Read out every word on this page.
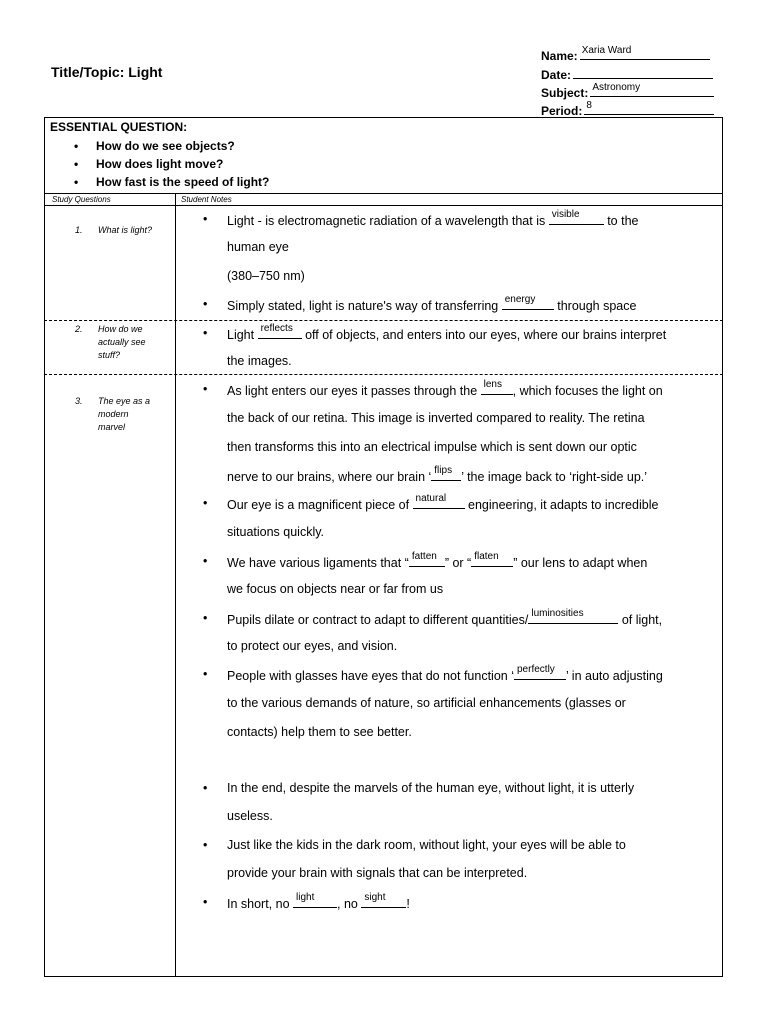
Title/Topic: Light
Name: Xaria Ward
Date:
Subject: Astronomy
Period: 8
ESSENTIAL QUESTION:
• How do we see objects?
• How does light move?
• How fast is the speed of light?
Study Questions	Student Notes
1. What is light?
2. How do we actually see stuff?
3. The eye as a modern marvel
• Light - is electromagnetic radiation of a wavelength that is visible to the
human eye
(380–750 nm)
• Simply stated, light is nature's way of transferring energy through space
• Light reflects off of objects, and enters into our eyes, where our brains interpret
the images.
• As light enters our eyes it passes through the lens , which focuses the light on
the back of our retina. This image is inverted compared to reality. The retina
then transforms this into an electrical impulse which is sent down our optic
nerve to our brains, where our brain ‘ flips ’ the image back to ‘right-side up.’
• Our eye is a magnificent piece of natural engineering, it adapts to incredible
situations quickly.
• We have various ligaments that “ fatten ” or “ flaten ” our lens to adapt when
we focus on objects near or far from us
• Pupils dilate or contract to adapt to different quantities/ luminosities	of light,
to protect our eyes, and vision.
• People with glasses have eyes that do not function ‘ perfectly ’ in auto adjusting
to the various demands of nature, so artificial enhancements (glasses or
contacts) help them to see better.
• In the end, despite the marvels of the human eye, without light, it is utterly
useless.
• Just like the kids in the dark room, without light, your eyes will be able to
provide your brain with signals that can be interpreted.
• In short, no light , no sight !
